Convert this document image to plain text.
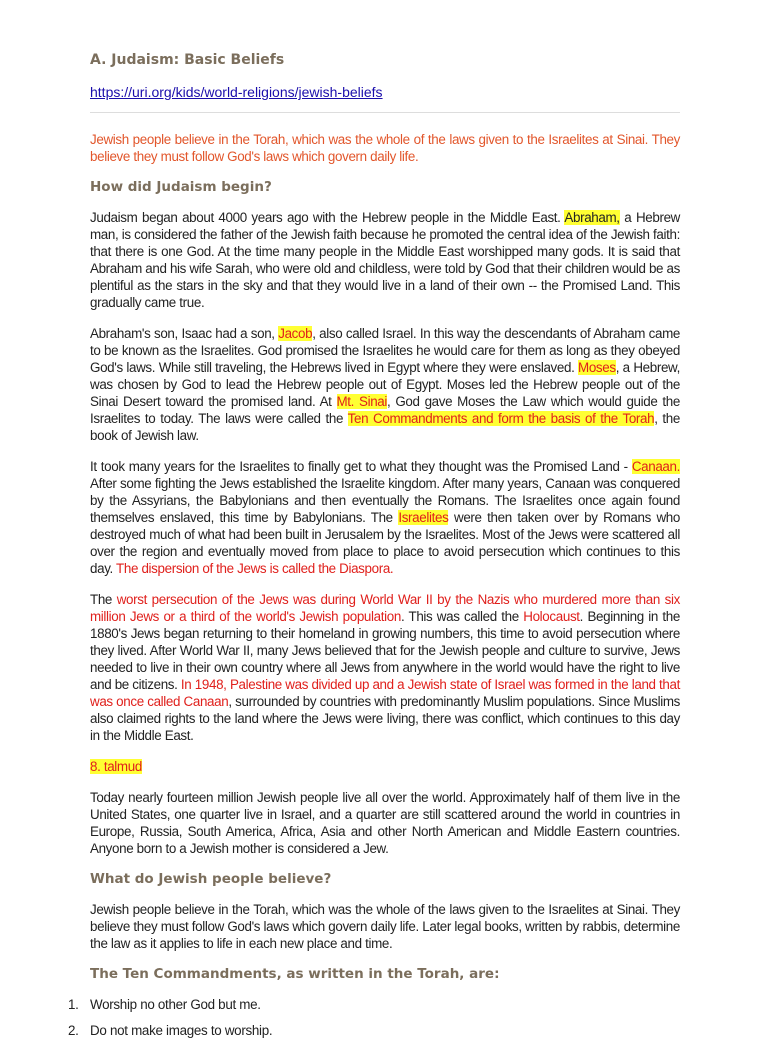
A. Judaism: Basic Beliefs
https://uri.org/kids/world-religions/jewish-beliefs

Jewish people believe in the Torah, which was the whole of the laws given to the Israelites at Sinai. They believe they must follow God's laws which govern daily life.

How did Judaism begin?

Judaism began about 4000 years ago with the Hebrew people in the Middle East. Abraham, a Hebrew man, is considered the father of the Jewish faith because he promoted the central idea of the Jewish faith: that there is one God. At the time many people in the Middle East worshipped many gods. It is said that Abraham and his wife Sarah, who were old and childless, were told by God that their children would be as plentiful as the stars in the sky and that they would live in a land of their own -- the Promised Land. This gradually came true.

Abraham's son, Isaac had a son, Jacob, also called Israel. In this way the descendants of Abraham came to be known as the Israelites. God promised the Israelites he would care for them as long as they obeyed God's laws. While still traveling, the Hebrews lived in Egypt where they were enslaved. Moses, a Hebrew, was chosen by God to lead the Hebrew people out of Egypt. Moses led the Hebrew people out of the Sinai Desert toward the promised land. At Mt. Sinai, God gave Moses the Law which would guide the Israelites to today. The laws were called the Ten Commandments and form the basis of the Torah, the book of Jewish law.

It took many years for the Israelites to finally get to what they thought was the Promised Land - Canaan. After some fighting the Jews established the Israelite kingdom. After many years, Canaan was conquered by the Assyrians, the Babylonians and then eventually the Romans. The Israelites once again found themselves enslaved, this time by Babylonians. The Israelites were then taken over by Romans who destroyed much of what had been built in Jerusalem by the Israelites. Most of the Jews were scattered all over the region and eventually moved from place to place to avoid persecution which continues to this day. The dispersion of the Jews is called the Diaspora.

The worst persecution of the Jews was during World War II by the Nazis who murdered more than six million Jews or a third of the world's Jewish population. This was called the Holocaust. Beginning in the 1880's Jews began returning to their homeland in growing numbers, this time to avoid persecution where they lived. After World War II, many Jews believed that for the Jewish people and culture to survive, Jews needed to live in their own country where all Jews from anywhere in the world would have the right to live and be citizens. In 1948, Palestine was divided up and a Jewish state of Israel was formed in the land that was once called Canaan, surrounded by countries with predominantly Muslim populations. Since Muslims also claimed rights to the land where the Jews were living, there was conflict, which continues to this day in the Middle East.

8. talmud

Today nearly fourteen million Jewish people live all over the world. Approximately half of them live in the United States, one quarter live in Israel, and a quarter are still scattered around the world in countries in Europe, Russia, South America, Africa, Asia and other North American and Middle Eastern countries. Anyone born to a Jewish mother is considered a Jew.

What do Jewish people believe?

Jewish people believe in the Torah, which was the whole of the laws given to the Israelites at Sinai. They believe they must follow God's laws which govern daily life. Later legal books, written by rabbis, determine the law as it applies to life in each new place and time.

The Ten Commandments, as written in the Torah, are:
1. Worship no other God but me.
2. Do not make images to worship.
